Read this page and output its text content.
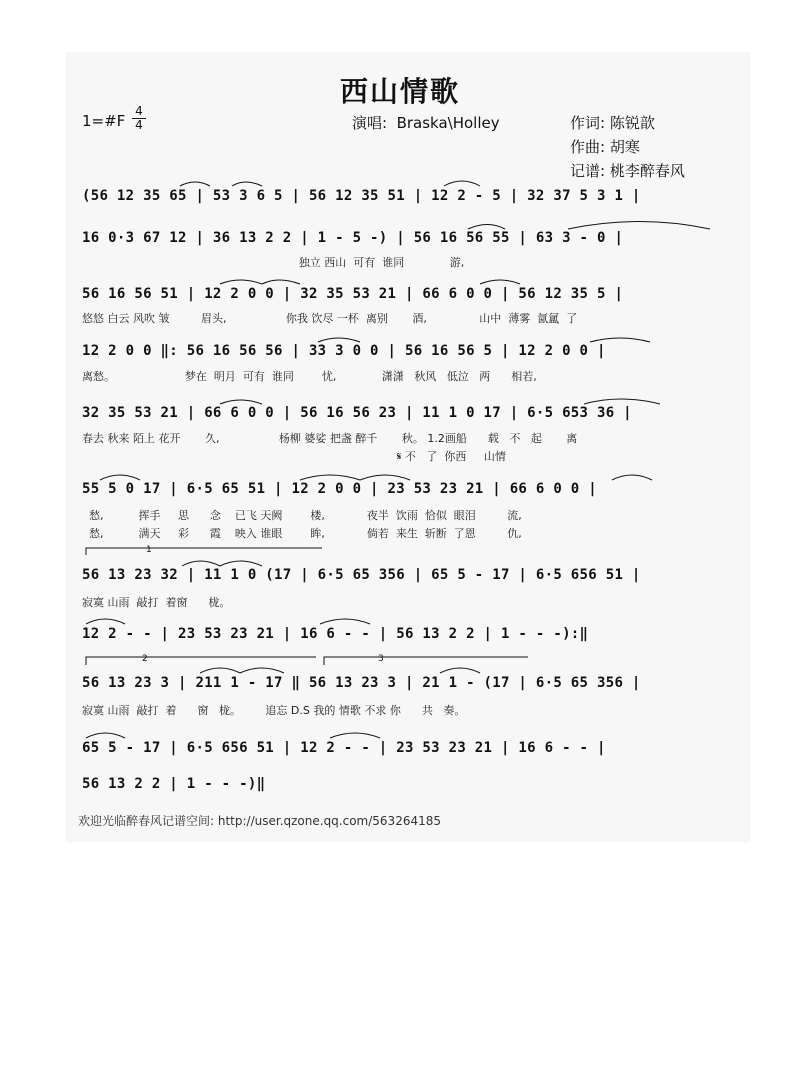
西山情歌
1=#F $\frac{4}{4}$	演唱:  Braska\Holley	作词: 陈锐歆
作曲: 胡寒
记谱: 桃李醉春风
(56 12 35 65 | 53 3 6 5 | 56 12 35 51 | 12 2 - 5 | 32 37 5 3 1 |
16 0·3 67 12 | 36 13 2 2 | 1 - 5 -) | 56 16 56 55 | 63 3 - 0 |
独立 西山  可有  谁同             游,
56 16 56 51 | 12 2 0 0 | 32 35 53 21 | 66 6 0 0 | 56 12 35 5 |
悠悠 白云 风吹 皱         眉头,                 你我 饮尽 一杯  离别       酒,               山中  薄雾  氤氲  了
12 2 0 0 ‖: 56 16 56 56 | 33 3 0 0 | 56 16 56 5 | 12 2 0 0 |
离愁。                    梦在  明月  可有  谁同        忧,             潇潇   秋风   低泣   两      相若,
32 35 53 21 | 66 6 0 0 | 56 16 56 23 | 11 1 0 17 | 6·5 653 36 |
春去 秋来 陌上 花开       久,                 杨柳 婆娑 把盏 醉千       秋。 1.2画船      载   不   起       离
𝄋 不   了  你西     山情
55 5 0 17 | 6·5 65 51 | 12 2 0 0 | 23 53 23 21 | 66 6 0 0 |
愁,          挥手     思      念    已飞 天阙        楼,            夜半  饮雨  恰似  眼泪         流,
愁,          满天     彩      霞    映入 谁眼        眸,            倘若  来生  斩断  了恩         仇,
56 13 23 32 | 11 1 0 (17 | 6·5 65 356 | 65 5 - 17 | 6·5 656 51 |
寂寞 山雨  敲打  着窗      栊。
12 2 - - | 23 53 23 21 | 16 6 - - | 56 13 2 2 | 1 - - -):‖
56 13 23 3 | 211 1 - 17 ‖ 56 13 23 3 | 21 1 - (17 | 6·5 65 356 |
寂寞 山雨  敲打  着      窗   栊。       追忘 D.S 我的 情歌 不求 你      共   奏。
65 5 - 17 | 6·5 656 51 | 12 2 - - | 23 53 23 21 | 16 6 - - |
56 13 2 2 | 1 - - -)‖
欢迎光临醉春风记谱空间: http://user.qzone.qq.com/563264185
1
2	3
